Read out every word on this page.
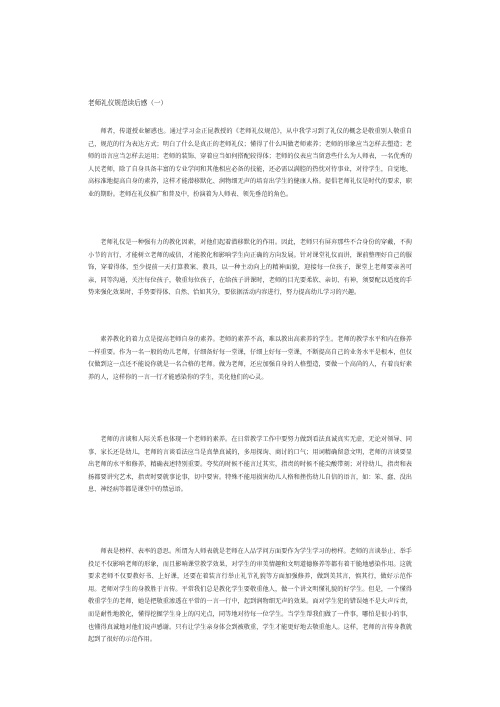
老师礼仪规范读后感（一）

师者，传道授业解惑也。通过学习金正昆教授的《老师礼仪规范》，从中我学习到了礼仪的概念是敬重别人敬重自己，规范的行为表达方式；明白了什么是真正的老师礼仪；懂得了什么叫做老师素养；老师的形象应当怎样去塑造；老师的语言应当怎样去运用；老师的装饰、穿着应当如何搭配较得体；老师的仪表应当留意些什么为人师表，一名优秀的人民老师，除了自身具备丰富的专业学问和其他相应必备的技能，还必需以满腔的热忱对待事业，对待学生，自觉地、高标准地提高自身的素养，这样才能潜移默化、润物细无声的培育出学生的健康人格。提倡老师礼仪是时代的要求，职业的期盼。老师在礼仪推广和普及中，扮演着为人师表、领先垂范的角色。

老师礼仪是一种强有力的教化因素，对他们起着潜移默化的作用。因此，老师只有屏弃那些不合身份的穿戴，不拘小节的言行，才能树立老师的威信，才能教化和影响学生向正确的方向发展。针对课堂礼仪而讲，课前整理好自己的服饰，穿着得体，至少提前一天打算教案、教具，以一种主动向上的精神面貌，迎接每一位孩子，课堂上老师要亲善可亲，同等沟通，关注每位孩子，敬重每位孩子，在给孩子讲课时，老师的目光要柔软、亲切、有神，须要配以适度的手势来强化效果时，手势要得体、自然、恰如其分，要依据活动内容进行，努力提高幼儿学习的兴趣。

素养教化的着力点是提高老师自身的素养。老师的素养不高，难以教出高素养的学生。老师的教学水平和内在修养一样重要。作为一名一般的幼儿老师，仔细备好每一堂课，仔细上好每一堂课，不断提高自己的业务水平是根本，但仅仅做到这一点还不能说你就是一名合格的老师。做为老师，还应加强自身的人格塑造，要做一个高尚的人，有着良好素养的人，这样你的一言一行才能感染你的学生，美化他们的心灵。

老师的言谈和人际关系也体现一个老师的素养。在日常教学工作中要努力做到看法真诚真实无虚，无论对领导、同事、家长还是幼儿，老师的言谈看法应当是真挚真诚的，多用探询、商讨的口气；用词精确留意文明，老师的言谈要显出老师的水平和修养，精确表述特别重要。夸奖的时候不能言过其实，指责的时候不能尖酸带刻；对待幼儿，指责和表扬都要讲究艺术，指责时要就事论事，切中要害。特殊不能用损害幼儿人格和挫伤幼儿自信的语言，如：笨、蠢、没出息、神经病等都是课堂中的禁忌语。

师表是榜样、表率的意思。所谓为人师表就是老师在人品学问方面要作为学生学习的榜样。老师的言谈举止、举手投足不仅影响老师的形象，而且影响课堂教学效果，对学生的审美情趣和文明道德修养等都有着干脆地感染作用。这就要求老师不仅要教好书、上好课，还要在着装言行举止礼节礼貌等方面加强修养，做到美其言，慎其行，做好示范作用。老师对学生的身教胜于言传。平常我们总是教化学生要敬重他人，做一个讲文明懂礼貌的好学生。但是，一个懂得敬重学生的老师，她是把敬重渗透在平常的一言一行中，起到润物细无声的效果。面对学生犯的错误她不是大声斥责，而是耐性地教化，懂得挖掘学生身上的闪光点，同等地对待每一位学生。当学生帮我们做了一件事，哪怕是很小的事，也懂得真诚地对他们说声感谢。只有让学生亲身体会到被敬重，学生才能更好地去敬重他人。这样，老师的言传身教就起到了很好的示范作用。
